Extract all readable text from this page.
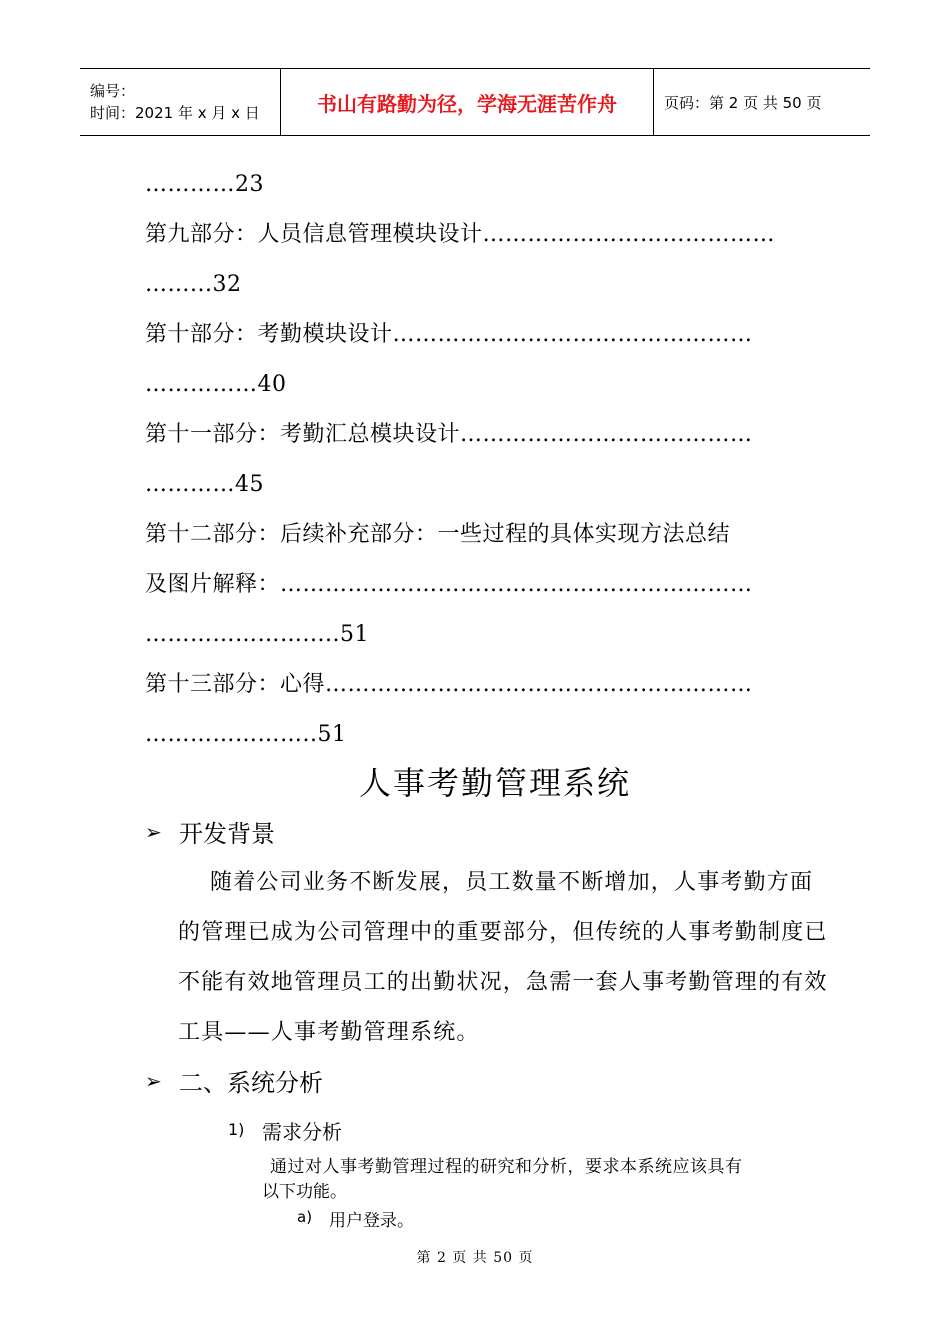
编号：
时间：2021 年 x 月 x 日	书山有路勤为径，学海无涯苦作舟	页码：第 2 页 共 50 页
…………23
第九部分：人员信息管理模块设计…………………………………
……...32
第十部分：考勤模块设计…………………………………………
……………40
第十一部分：考勤汇总模块设计…………………………………
…………45
第十二部分：后续补充部分：一些过程的具体实现方法总结
及图片解释：………………………………………………………
………………….....51
第十三部分：心得…………………………………………………
…………………..51
人事考勤管理系统
➢ 开发背景
随着公司业务不断发展，员工数量不断增加，人事考勤方面
的管理已成为公司管理中的重要部分，但传统的人事考勤制度已
不能有效地管理员工的出勤状况，急需一套人事考勤管理的有效
工具——人事考勤管理系统。
➢ 二、系统分析
1) 需求分析
通过对人事考勤管理过程的研究和分析，要求本系统应该具有
以下功能。
a) 用户登录。
第 2 页 共 50 页
